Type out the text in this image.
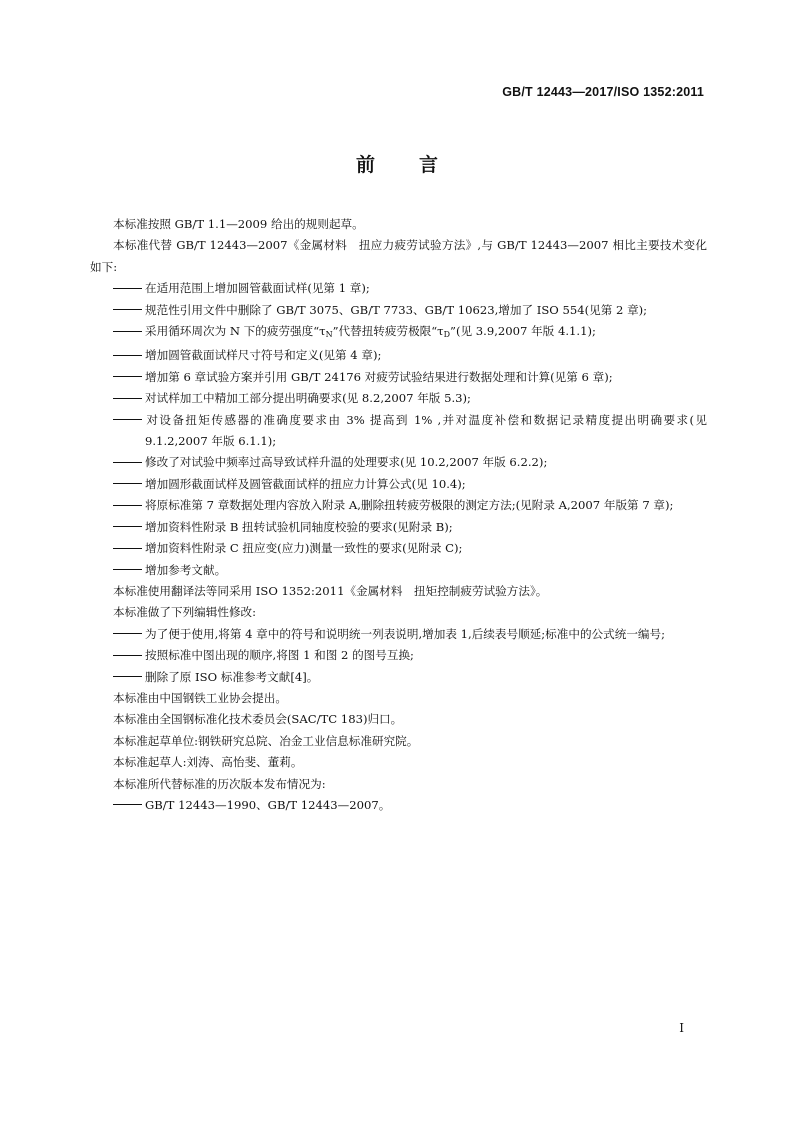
GB/T 12443—2017/ISO 1352:2011
前言

本标准按照 GB/T 1.1—2009 给出的规则起草。

本标准代替 GB/T 12443—2007《金属材料　扭应力疲劳试验方法》,与 GB/T 12443—2007 相比主要技术变化如下:

在适用范围上增加圆管截面试样(见第 1 章);

规范性引用文件中删除了 GB/T 3075、GB/T 7733、GB/T 10623,增加了 ISO 554(见第 2 章);

采用循环周次为 N 下的疲劳强度“$\tau_N$”代替扭转疲劳极限“$\tau_D$”(见 3.9,2007 年版 4.1.1);

增加圆管截面试样尺寸符号和定义(见第 4 章);

增加第 6 章试验方案并引用 GB/T 24176 对疲劳试验结果进行数据处理和计算(见第 6 章);

对试样加工中精加工部分提出明确要求(见 8.2,2007 年版 5.3);

对设备扭矩传感器的准确度要求由 3% 提高到 1% ,并对温度补偿和数据记录精度提出明确要求(见 9.1.2,2007 年版 6.1.1);

修改了对试验中频率过高导致试样升温的处理要求(见 10.2,2007 年版 6.2.2);

增加圆形截面试样及圆管截面试样的扭应力计算公式(见 10.4);

将原标准第 7 章数据处理内容放入附录 A,删除扭转疲劳极限的测定方法;(见附录 A,2007 年版第 7 章);

增加资料性附录 B 扭转试验机同轴度校验的要求(见附录 B);

增加资料性附录 C 扭应变(应力)测量一致性的要求(见附录 C);

增加参考文献。

本标准使用翻译法等同采用 ISO 1352:2011《金属材料　扭矩控制疲劳试验方法》。

本标准做了下列编辑性修改:

为了便于使用,将第 4 章中的符号和说明统一列表说明,增加表 1,后续表号顺延;标准中的公式统一编号;

按照标准中图出现的顺序,将图 1 和图 2 的图号互换;

删除了原 ISO 标准参考文献[4]。

本标准由中国钢铁工业协会提出。

本标准由全国钢标准化技术委员会(SAC/TC 183)归口。

本标准起草单位:钢铁研究总院、冶金工业信息标准研究院。

本标准起草人:刘涛、高怡斐、董莉。

本标准所代替标准的历次版本发布情况为:

GB/T 12443—1990、GB/T 12443—2007。

I
